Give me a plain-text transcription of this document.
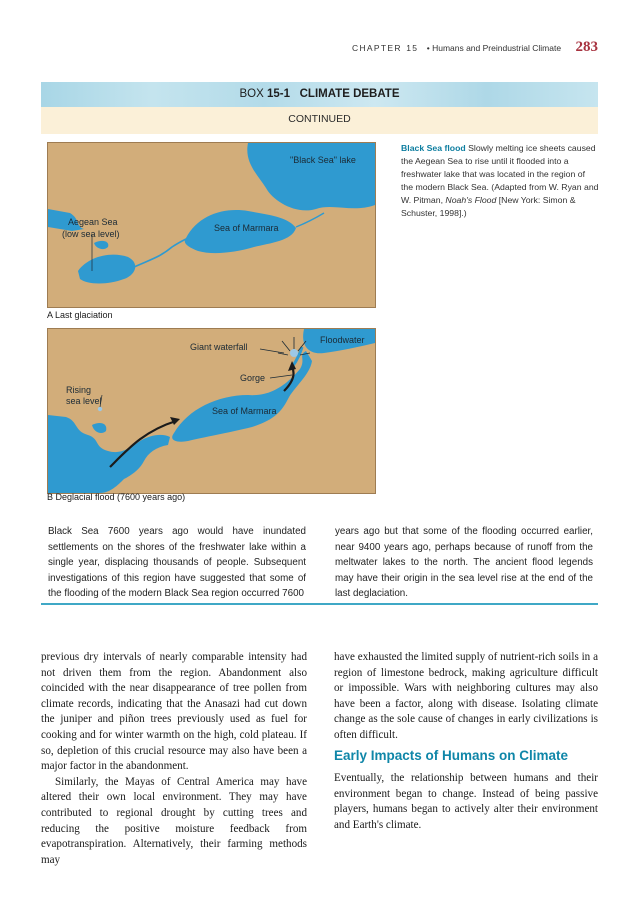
CHAPTER 15 • Humans and Preindustrial Climate 283
BOX 15-1 CLIMATE DEBATE
CONTINUED
"Black Sea" lake
Sea of Marmara
Aegean Sea
(low sea level)
A Last glaciation
Giant waterfall
Floodwater
Gorge
Rising
sea level
Sea of Marmara
B Deglacial flood (7600 years ago)
Black Sea flood Slowly melting ice sheets caused the Aegean Sea to rise until it flooded into a freshwater lake that was located in the region of the modern Black Sea. (Adapted from W. Ryan and W. Pitman, Noah's Flood [New York: Simon & Schuster, 1998].)
Black Sea 7600 years ago would have inundated settlements on the shores of the freshwater lake within a single year, displacing thousands of people. Subsequent investigations of this region have suggested that some of the flooding of the modern Black Sea region occurred 7600
years ago but that some of the flooding occurred earlier, near 9400 years ago, perhaps because of runoff from the meltwater lakes to the north. The ancient flood legends may have their origin in the sea level rise at the end of the last deglaciation.

previous dry intervals of nearly comparable intensity had not driven them from the region. Abandonment also coincided with the near disappearance of tree pollen from climate records, indicating that the Anasazi had cut down the juniper and piñon trees previously used as fuel for cooking and for winter warmth on the high, cold plateau. If so, depletion of this crucial resource may also have been a major factor in the abandonment.

Similarly, the Mayas of Central America may have altered their own local environment. They may have contributed to regional drought by cutting trees and reducing the positive moisture feedback from evapotranspiration. Alternatively, their farming methods may

have exhausted the limited supply of nutrient-rich soils in a region of limestone bedrock, making agriculture difficult or impossible. Wars with neighboring cultures may also have been a factor, along with disease. Isolating climate change as the sole cause of changes in early civilizations is often difficult.
Early Impacts of Humans on Climate
Eventually, the relationship between humans and their environment began to change. Instead of being passive players, humans began to actively alter their environment and Earth's climate.
